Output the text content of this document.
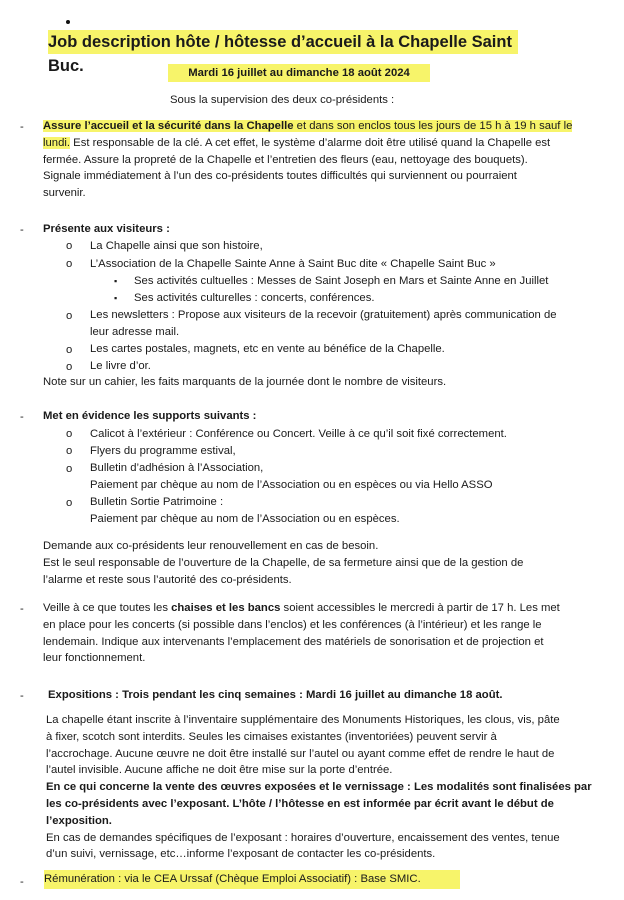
Job description hôte / hôtesse d’accueil à la Chapelle Saint Buc.	Mardi 16 juillet au dimanche 18 août 2024
Sous la supervision des deux co-présidents :
- Assure l’accueil et la sécurité dans la Chapelle et dans son enclos tous les jours de 15 h à 19 h sauf le
lundi. Est responsable de la clé. A cet effet, le système d’alarme doit être utilisé quand la Chapelle est
fermée. Assure la propreté de la Chapelle et l’entretien des fleurs (eau, nettoyage des bouquets).
Signale immédiatement à l’un des co-présidents toutes difficultés qui surviennent ou pourraient
survenir.
- Présente aux visiteurs :
o La Chapelle ainsi que son histoire,
o L’Association de la Chapelle Sainte Anne à Saint Buc dite « Chapelle Saint Buc »
▪ Ses activités cultuelles : Messes de Saint Joseph en Mars et Sainte Anne en Juillet
▪ Ses activités culturelles : concerts, conférences.
o Les newsletters : Propose aux visiteurs de la recevoir (gratuitement) après communication de
leur adresse mail.
o Les cartes postales, magnets, etc en vente au bénéfice de la Chapelle.
o Le livre d’or.
Note sur un cahier, les faits marquants de la journée dont le nombre de visiteurs.
- Met en évidence les supports suivants :
o Calicot à l’extérieur : Conférence ou Concert. Veille à ce qu’il soit fixé correctement.
o Flyers du programme estival,
o Bulletin d’adhésion à l’Association,
Paiement par chèque au nom de l’Association ou en espèces ou via Hello ASSO
o Bulletin Sortie Patrimoine :
Paiement par chèque au nom de l’Association ou en espèces.
Demande aux co-présidents leur renouvellement en cas de besoin.
Est le seul responsable de l’ouverture de la Chapelle, de sa fermeture ainsi que de la gestion de
l’alarme et reste sous l’autorité des co-présidents.
- Veille à ce que toutes les chaises et les bancs soient accessibles le mercredi à partir de 17 h. Les met
en place pour les concerts (si possible dans l’enclos) et les conférences (à l’intérieur) et les range le
lendemain. Indique aux intervenants l’emplacement des matériels de sonorisation et de projection et
leur fonctionnement.
- Expositions : Trois pendant les cinq semaines : Mardi 16 juillet au dimanche 18 août.
La chapelle étant inscrite à l’inventaire supplémentaire des Monuments Historiques, les clous, vis, pâte
à fixer, scotch sont interdits. Seules les cimaises existantes (inventoriées) peuvent servir à
l’accrochage. Aucune œuvre ne doit être installé sur l’autel ou ayant comme effet de rendre le haut de
l’autel invisible. Aucune affiche ne doit être mise sur la porte d’entrée.
En ce qui concerne la vente des œuvres exposées et le vernissage : Les modalités sont finalisées par
les co-présidents avec l’exposant. L’hôte / l’hôtesse en est informée par écrit avant le début de
l’exposition.
En cas de demandes spécifiques de l’exposant : horaires d’ouverture, encaissement des ventes, tenue
d’un suivi, vernissage, etc…informe l’exposant de contacter les co-présidents.
- Rémunération : via le CEA Urssaf (Chèque Emploi Associatif) : Base SMIC.
